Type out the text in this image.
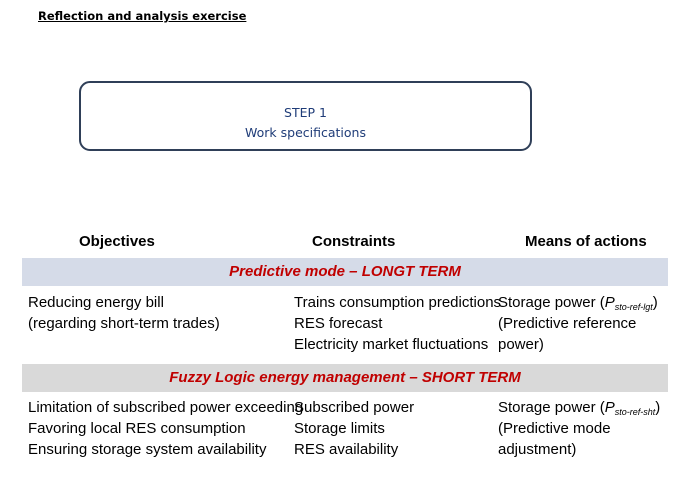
Reflection and analysis exercise
STEP 1
Work specifications
Objectives	Constraints	Means of actions
Predictive mode – LONGT TERM
Reducing energy bill
(regarding short-term trades)
Trains consumption predictions
RES forecast
Electricity market fluctuations
Storage power $(P_{sto-ref-lgt})$
(Predictive reference
power)
Fuzzy Logic energy management – SHORT TERM
Limitation of subscribed power exceeding
Favoring local RES consumption
Ensuring storage system availability
Subscribed power
Storage limits
RES availability
Storage power $(P_{sto-ref-sht})$
(Predictive mode
adjustment)
